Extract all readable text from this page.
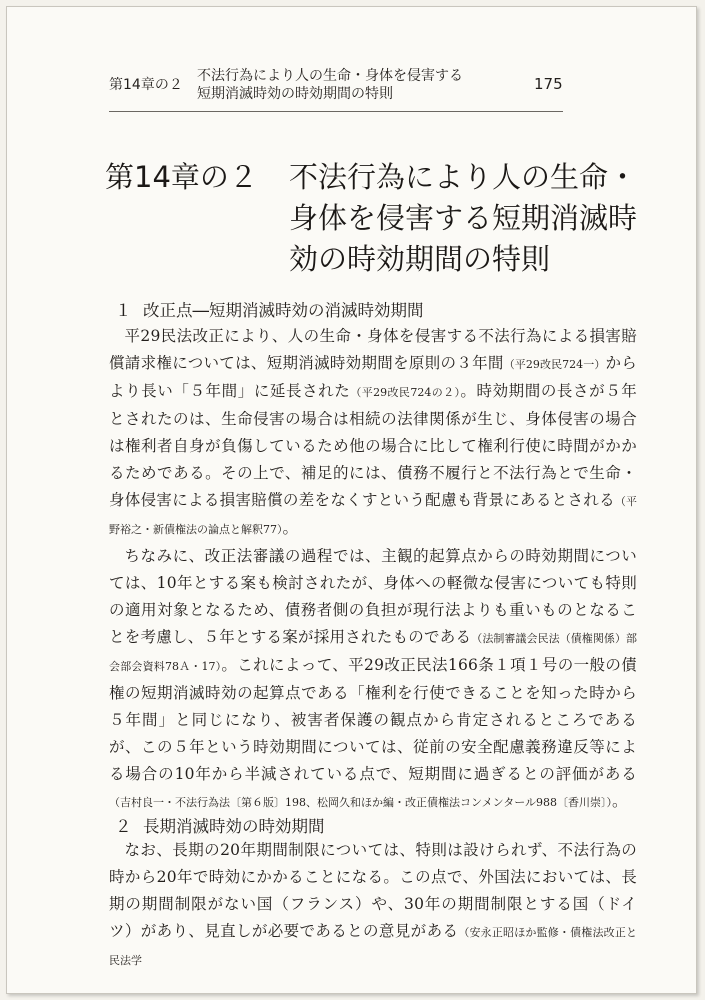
第14章の２
不法行為により人の生命・身体を侵害する
短期消滅時効の時効期間の特則
175
第14章の２ 不法行為により人の生命・
身体を侵害する短期消滅時
効の時効期間の特則
１ 改正点―短期消滅時効の消滅時効期間

平29民法改正により、人の生命・身体を侵害する不法行為による損害賠償請求権については、短期消滅時効期間を原則の３年間（平29改民724一）からより長い「５年間」に延長された（平29改民724の２）。時効期間の長さが５年とされたのは、生命侵害の場合は相続の法律関係が生じ、身体侵害の場合は権利者自身が負傷しているため他の場合に比して権利行使に時間がかかるためである。その上で、補足的には、債務不履行と不法行為とで生命・身体侵害による損害賠償の差をなくすという配慮も背景にあるとされる（平野裕之・新債権法の論点と解釈77）。

ちなみに、改正法審議の過程では、主観的起算点からの時効期間については、10年とする案も検討されたが、身体への軽微な侵害についても特則の適用対象となるため、債務者側の負担が現行法よりも重いものとなることを考慮し、５年とする案が採用されたものである（法制審議会民法（債権関係）部会部会資料78Ａ・17）。これによって、平29改正民法166条１項１号の一般の債権の短期消滅時効の起算点である「権利を行使できることを知った時から５年間」と同じになり、被害者保護の観点から肯定されるところであるが、この５年という時効期間については、従前の安全配慮義務違反等による場合の10年から半減されている点で、短期間に過ぎるとの評価がある（吉村良一・不法行為法〔第６版〕198、松岡久和ほか編・改正債権法コンメンタール988〔香川崇〕）。

２ 長期消滅時効の時効期間

なお、長期の20年期間制限については、特則は設けられず、不法行為の時から20年で時効にかかることになる。この点で、外国法においては、長期の期間制限がない国（フランス）や、30年の期間制限とする国（ドイツ）があり、見直しが必要であるとの意見がある（安永正昭ほか監修・債権法改正と民法学
